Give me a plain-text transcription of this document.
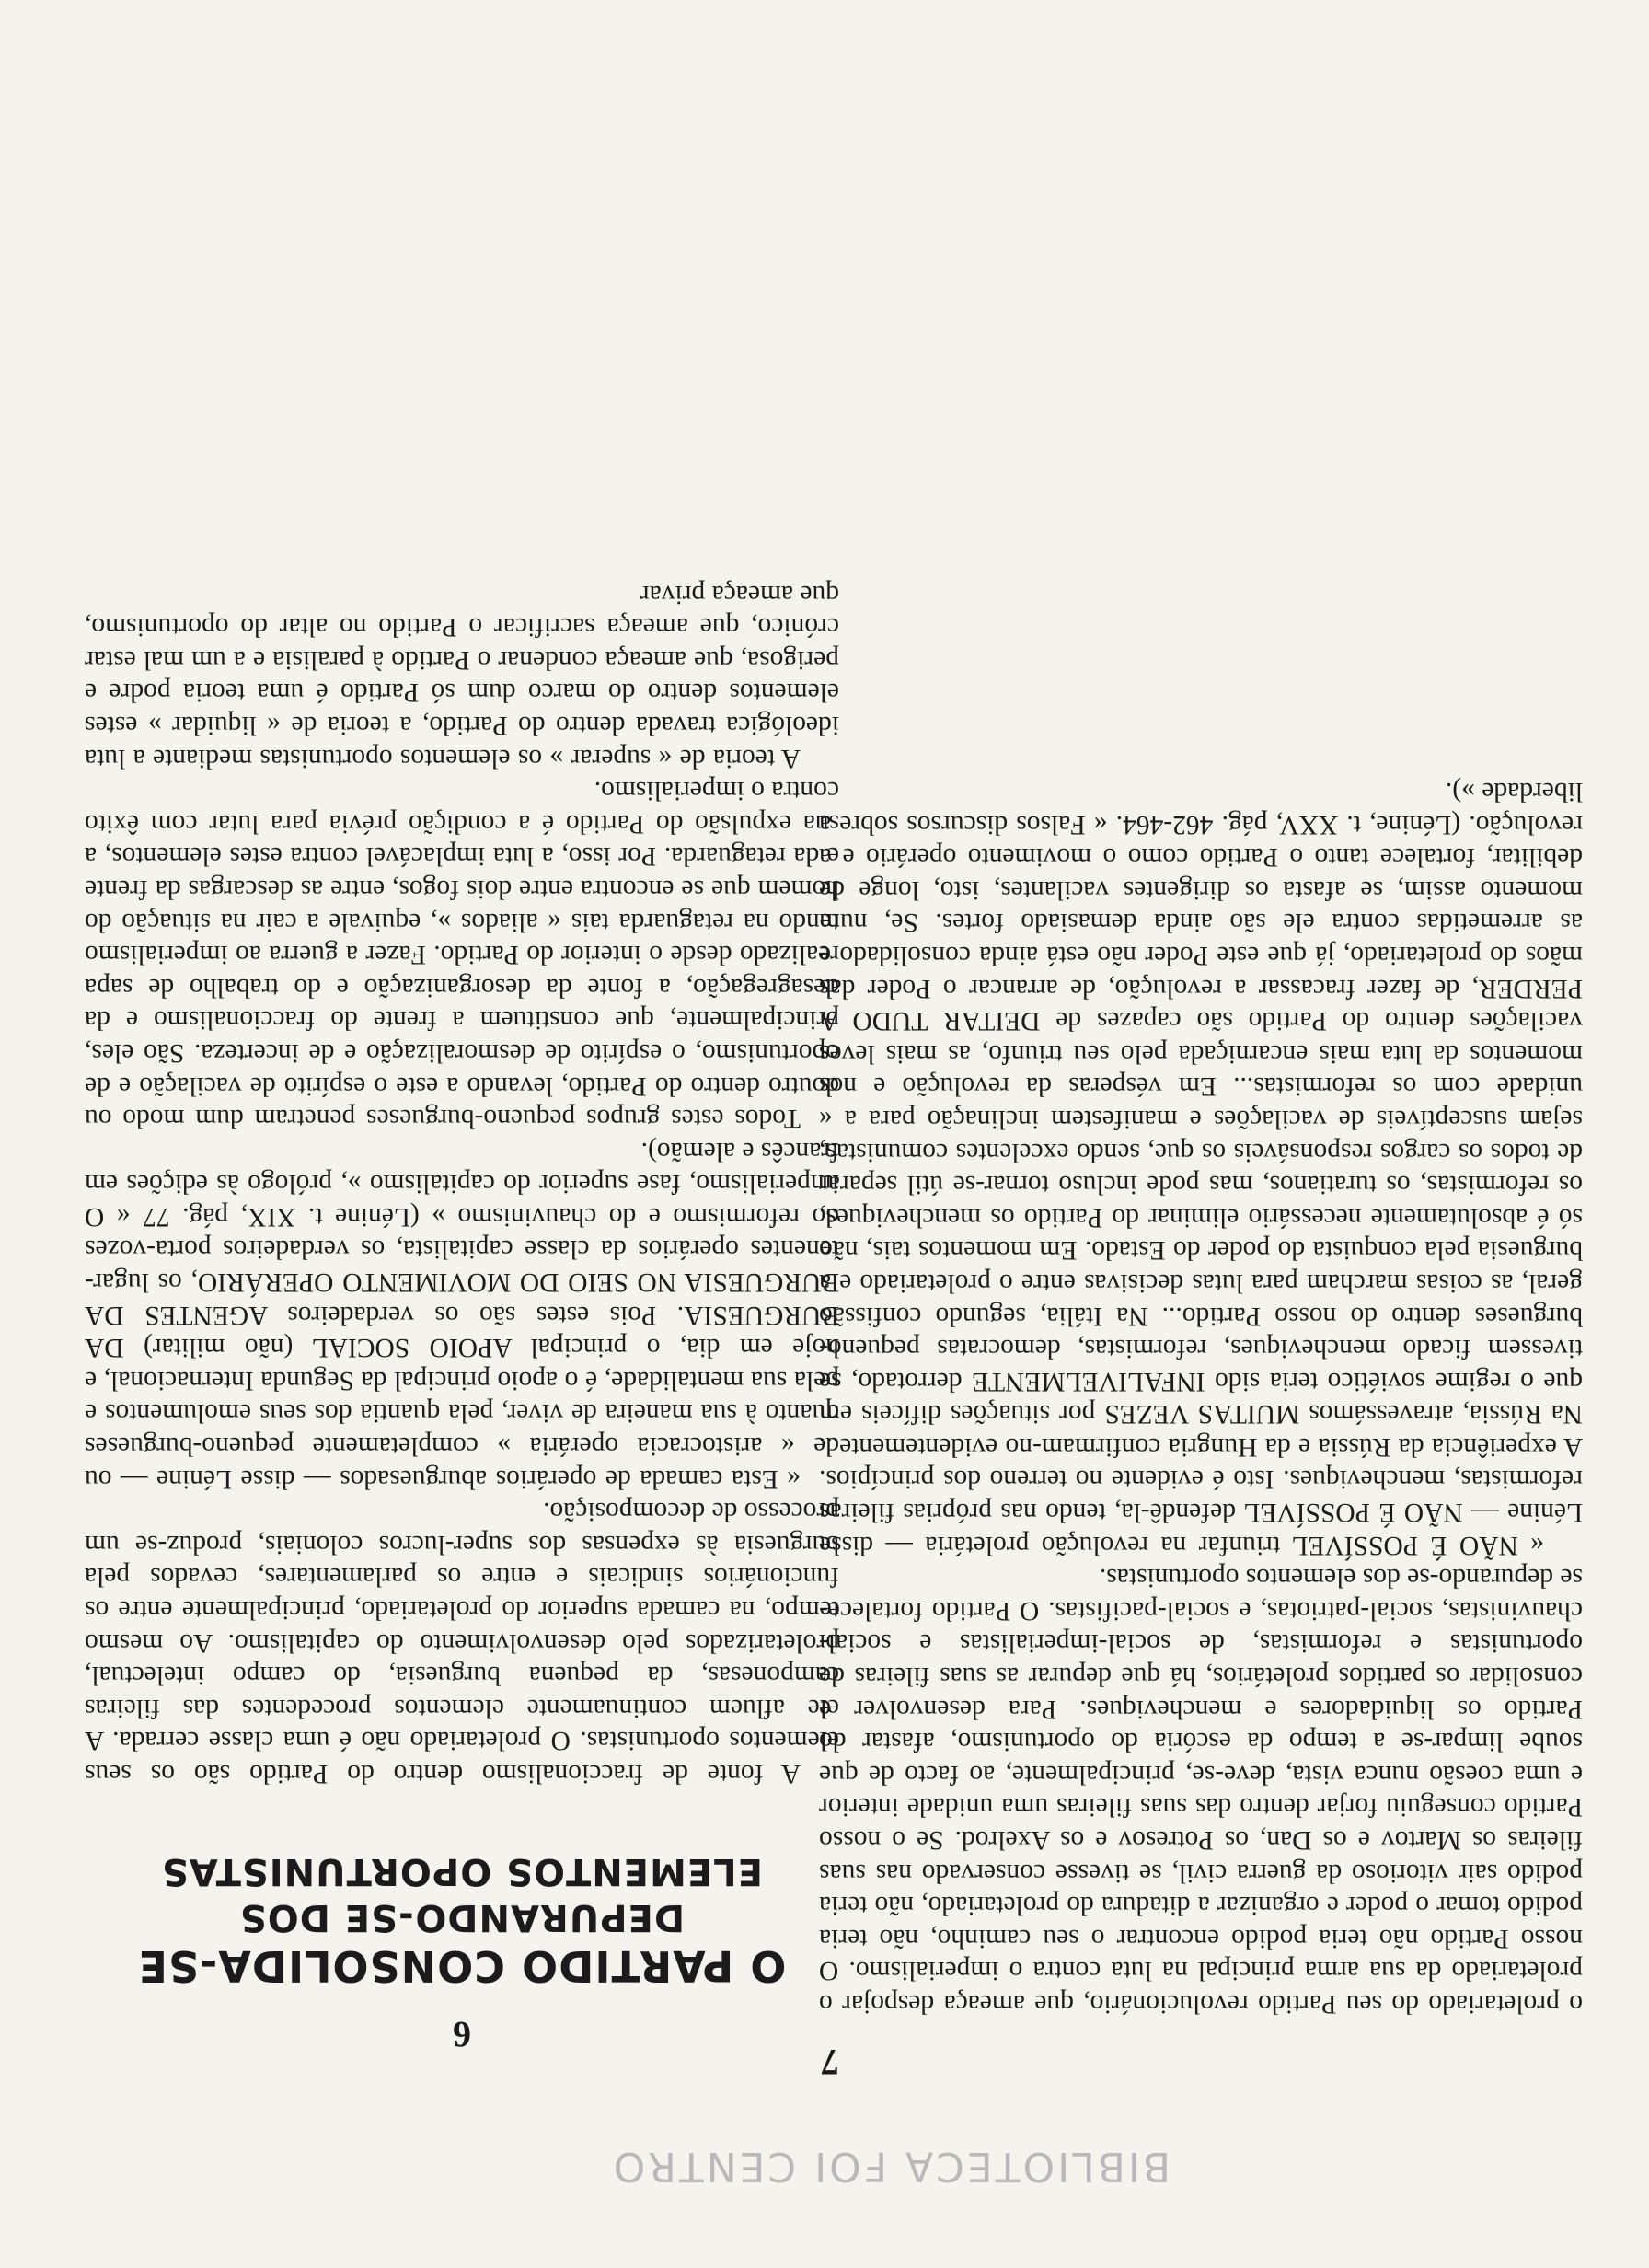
BIBLIOTECA FOI CENTRO
6
7

O PARTIDO CONSOLIDA-SE

DEPURANDO-SE DOS

ELEMENTOS OPORTUNISTAS

A fonte de fraccionalismo dentro do Partido são os seus elementos oportunistas. O proletariado não é uma classe cerrada. A ele afluem continuamente elementos procedentes das fileiras camponesas, da pequena burguesia, do campo intelectual, proletarizados pelo desenvolvimento do capitalismo. Ao mesmo tempo, na camada superior do proletariado, principalmente entre os funcionários sindicais e entre os parlamentares, cevados pela burguesia às expensas dos super-lucros coloniais, produz-se um processo de decomposição.

« Esta camada de operários aburguesados — disse Lénine — ou de « aristocracia operária » completamente pequeno-burgueses quanto à sua maneira de viver, pela quantia dos seus emolumentos e pela sua mentalidade, é o apoio principal da Segunda Internacional, e hoje em dia, o principal APOIO SOCIAL (não militar) DA BURGUESIA. Pois estes são os verdadeiros AGENTES DA BURGUESIA NO SEIO DO MOVIMENTO OPERÁRIO, os lugar-tenentes operários da classe capitalista, os verdadeiros porta-vozes do reformismo e do chauvinismo » (Lénine t. XIX, pág. 77 « O imperialismo, fase superior do capitalismo », prólogo às edições em francês e alemão).

Todos estes grupos pequeno-burgueses penetram dum modo ou doutro dentro do Partido, levando a este o espírito de vacilação e de oportunismo, o espírito de desmoralização e de incerteza. São eles, principalmente, que constituem a frente do fraccionalismo e da desagregação, a fonte da desorganização e do trabalho de sapa realizado desde o interior do Partido. Fazer a guerra ao imperialismo tendo na retaguarda tais « aliados », equivale a cair na situação do homem que se encontra entre dois fogos, entre as descargas da frente e da retaguarda. Por isso, a luta implacável contra estes elementos, a sua expulsão do Partido é a condição prévia para lutar com êxito contra o imperialismo.

A teoria de « superar » os elementos oportunistas mediante a luta ideológica travada dentro do Partido, a teoria de « liquidar » estes elementos dentro do marco dum só Partido é uma teoria podre e perigosa, que ameaça condenar o Partido à paralisia e a um mal estar crónico, que ameaça sacrificar o Partido no altar do oportunismo, que ameaça privar

o proletariado do seu Partido revolucionário, que ameaça despojar o proletariado da sua arma principal na luta contra o imperialismo. O nosso Partido não teria podido encontrar o seu caminho, não teria podido tomar o poder e organizar a ditadura do proletariado, não teria podido sair vitorioso da guerra civil, se tivesse conservado nas suas fileiras os Martov e os Dan, os Potresov e os Axelrod. Se o nosso Partido conseguiu forjar dentro das suas fileiras uma unidade interior e uma coesão nunca vista, deve-se, principalmente, ao facto de que soube limpar-se a tempo da escória do oportunismo, afastar do Partido os liquidadores e mencheviques. Para desenvolver e consolidar os partidos proletários, há que depurar as suas fileiras de oportunistas e reformistas, de social-imperialistas e social-chauvinistas, social-patriotas, e social-pacifistas. O Partido fortalece-se depurando-se dos elementos oportunistas.

« NÃO É POSSÍVEL triunfar na revolução proletária — disse Lénine — NÃO É POSSÍVEL defendê-la, tendo nas próprias fileiras reformistas, mencheviques. Isto é evidente no terreno dos princípios. A experiência da Rússia e da Hungria confirmam-no evidentemente... Na Rússia, atravessámos MUITAS VEZES por situações difíceis em que o regime soviético teria sido INFALIVELMENTE derrotado, se tivessem ficado mencheviques, reformistas, democratas pequeno-burgueses dentro do nosso Partido... Na Itália, segundo confissão geral, as coisas marcham para lutas decisivas entre o proletariado e a burguesia pela conquista do poder do Estado. Em momentos tais, não só é absolutamente necessário eliminar do Partido os mencheviques, os reformistas, os turatianos, mas pode incluso tornar-se útil separar de todos os cargos responsáveis os que, sendo excelentes comunistas, sejam susceptíveis de vacilações e manifestem inclinação para a « unidade com os reformistas... Em vésperas da revolução e nos momentos da luta mais encarniçada pelo seu triunfo, as mais leves vacilações dentro do Partido são capazes de DEITAR TUDO A PERDER, de fazer fracassar a revolução, de arrancar o Poder das mãos do proletariado, já que este Poder não está ainda consolidado e as arremetidas contra ele são ainda demasiado fortes. Se, num momento assim, se afasta os dirigentes vacilantes, isto, longe de debilitar, fortalece tanto o Partido como o movimento operário e a revolução. (Lénine, t. XXV, pág. 462-464. « Falsos discursos sobre a liberdade »).
